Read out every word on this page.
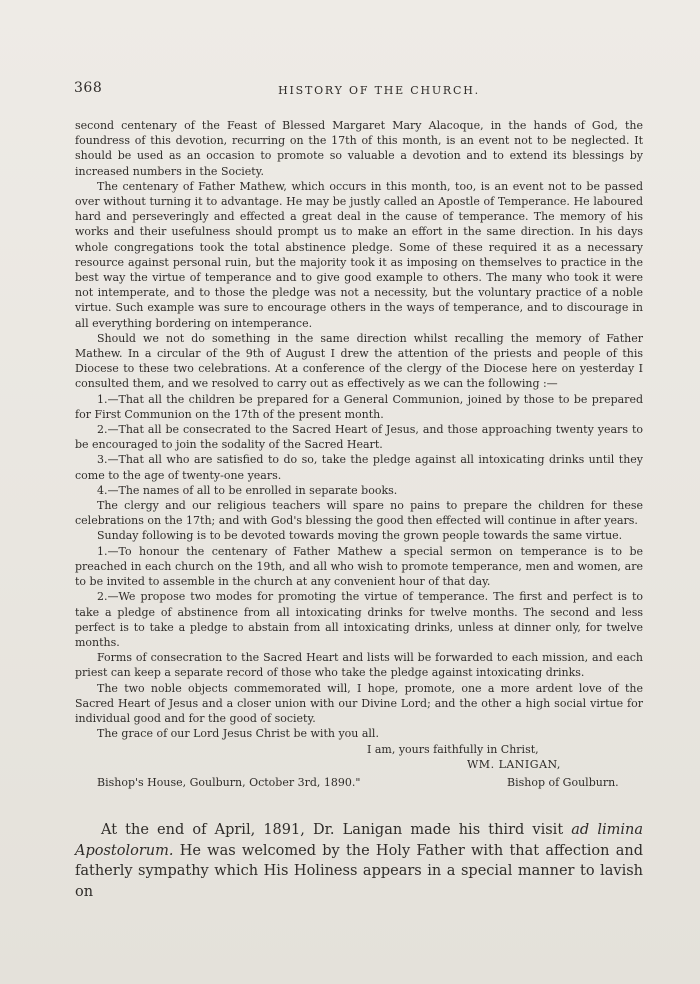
368	HISTORY OF THE CHURCH.

second centenary of the Feast of Blessed Margaret Mary Alacoque, in the hands of God, the foundress of this devotion, recurring on the 17th of this month, is an event not to be neglected. It should be used as an occasion to promote so valuable a devotion and to extend its blessings by increased numbers in the Society.

The centenary of Father Mathew, which occurs in this month, too, is an event not to be passed over without turning it to advantage. He may be justly called an Apostle of Temperance. He laboured hard and perseveringly and effected a great deal in the cause of temperance. The memory of his works and their usefulness should prompt us to make an effort in the same direction. In his days whole congregations took the total abstinence pledge. Some of these required it as a necessary resource against personal ruin, but the majority took it as imposing on themselves to practice in the best way the virtue of temperance and to give good example to others. The many who took it were not intemperate, and to those the pledge was not a necessity, but the voluntary practice of a noble virtue. Such example was sure to encourage others in the ways of temperance, and to discourage in all everything bordering on intemperance.

Should we not do something in the same direction whilst recalling the memory of Father Mathew. In a circular of the 9th of August I drew the attention of the priests and people of this Diocese to these two celebrations. At a conference of the clergy of the Diocese here on yesterday I consulted them, and we resolved to carry out as effectively as we can the following :—

1.—That all the children be prepared for a General Communion, joined by those to be prepared for First Communion on the 17th of the present month.

2.—That all be consecrated to the Sacred Heart of Jesus, and those approaching twenty years to be encouraged to join the sodality of the Sacred Heart.

3.—That all who are satisfied to do so, take the pledge against all intoxicating drinks until they come to the age of twenty-one years.

4.—The names of all to be enrolled in separate books.

The clergy and our religious teachers will spare no pains to prepare the children for these celebrations on the 17th; and with God's blessing the good then effected will continue in after years.

Sunday following is to be devoted towards moving the grown people towards the same virtue.

1.—To honour the centenary of Father Mathew a special sermon on temperance is to be preached in each church on the 19th, and all who wish to promote temperance, men and women, are to be invited to assemble in the church at any convenient hour of that day.

2.—We propose two modes for promoting the virtue of temperance. The first and perfect is to take a pledge of abstinence from all intoxicating drinks for twelve months. The second and less perfect is to take a pledge to abstain from all intoxicating drinks, unless at dinner only, for twelve months.

Forms of consecration to the Sacred Heart and lists will be forwarded to each mission, and each priest can keep a separate record of those who take the pledge against intoxicating drinks.

The two noble objects commemorated will, I hope, promote, one a more ardent love of the Sacred Heart of Jesus and a closer union with our Divine Lord; and the other a high social virtue for individual good and for the good of society.

The grace of our Lord Jesus Christ be with you all.

I am, yours faithfully in Christ,
WM. LANIGAN,
Bishop of Goulburn.
Bishop's House, Goulburn, October 3rd, 1890."

At the end of April, 1891, Dr. Lanigan made his third visit ad limina Apostolorum. He was welcomed by the Holy Father with that affection and fatherly sympathy which His Holiness appears in a special manner to lavish on
